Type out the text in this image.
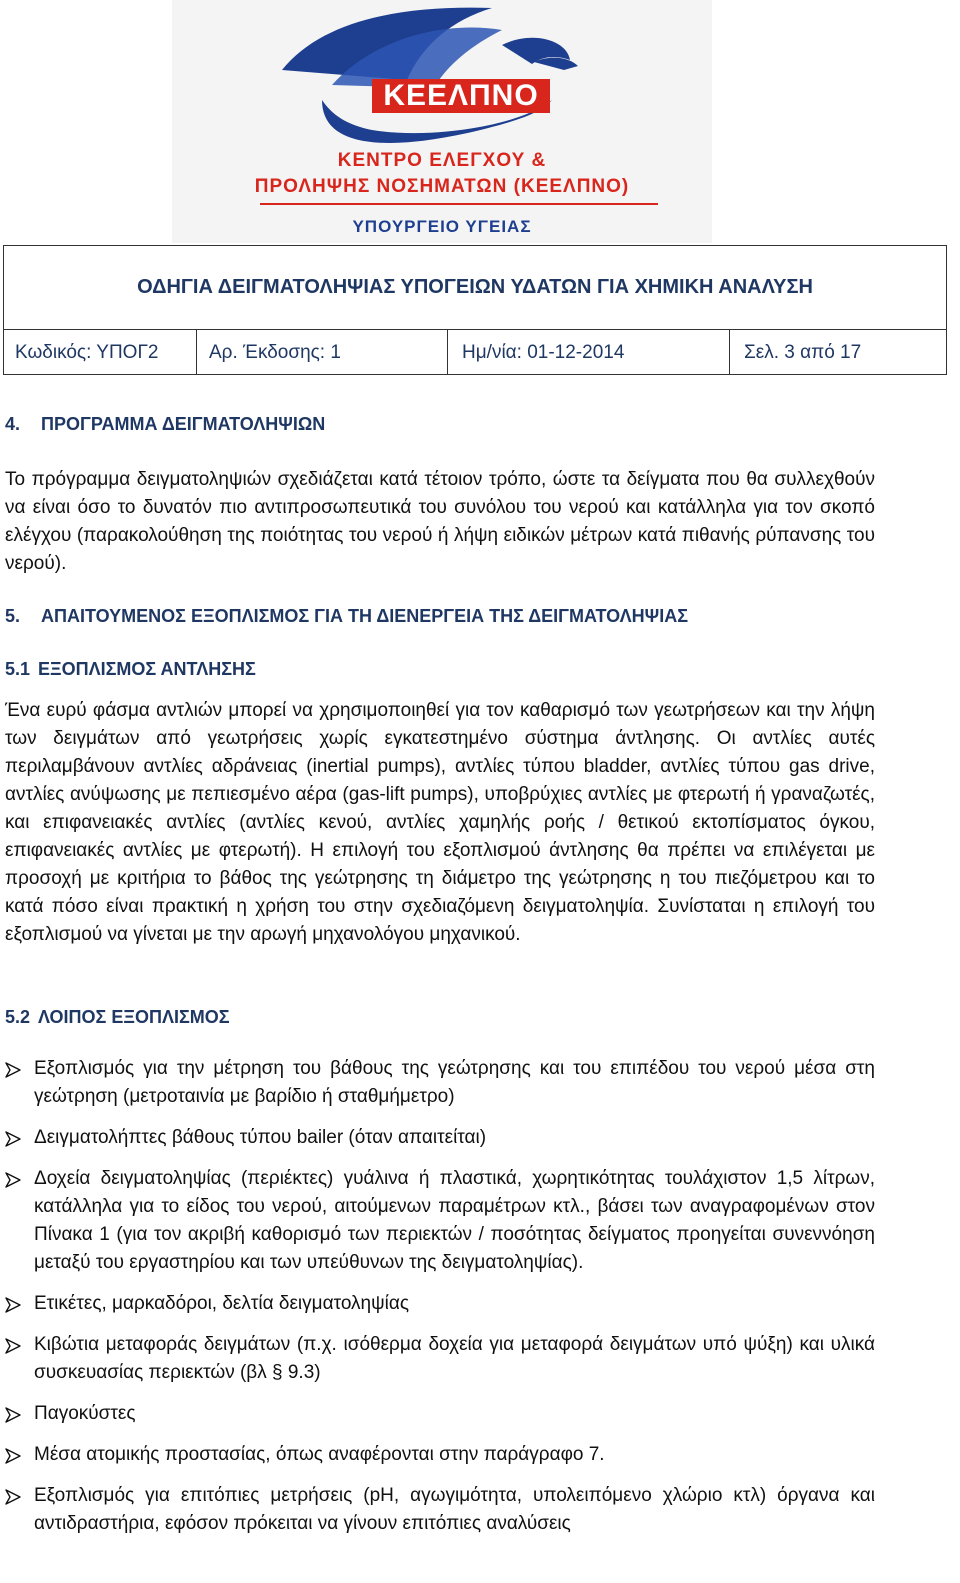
ΚΕΕΛΠΝΟ
ΚΕΝΤΡΟ ΕΛΕΓΧΟΥ &
ΠΡΟΛΗΨΗΣ ΝΟΣΗΜΑΤΩΝ (ΚΕΕΛΠΝΟ)
ΥΠΟΥΡΓΕΙΟ ΥΓΕΙΑΣ
ΟΔΗΓΙΑ ΔΕΙΓΜΑΤΟΛΗΨΙΑΣ ΥΠΟΓΕΙΩΝ ΥΔΑΤΩΝ ΓΙΑ ΧΗΜΙΚΗ ΑΝΑΛΥΣΗ
Κωδικός: ΥΠΟΓ2	Αρ. Έκδοσης: 1	Ημ/νία: 01-12-2014	Σελ. 3 από 17
4. ΠΡΟΓΡΑΜΜΑ ΔΕΙΓΜΑΤΟΛΗΨΙΩΝ
Το πρόγραμμα δειγματοληψιών σχεδιάζεται κατά τέτοιον τρόπο, ώστε τα δείγματα που θα συλλεχθούν να είναι όσο το δυνατόν πιο αντιπροσωπευτικά του συνόλου του νερού και κατάλληλα για τον σκοπό ελέγχου (παρακολούθηση της ποιότητας του νερού ή λήψη ειδικών μέτρων κατά πιθανής ρύπανσης του νερού).
5. ΑΠΑΙΤΟΥΜΕΝΟΣ ΕΞΟΠΛΙΣΜΟΣ ΓΙΑ ΤΗ ΔΙΕΝΕΡΓΕΙΑ ΤΗΣ ΔΕΙΓΜΑΤΟΛΗΨΙΑΣ
5.1 ΕΞΟΠΛΙΣΜΟΣ ΑΝΤΛΗΣΗΣ
Ένα ευρύ φάσμα αντλιών μπορεί να χρησιμοποιηθεί για τον καθαρισμό των γεωτρήσεων και την λήψη των δειγμάτων από γεωτρήσεις χωρίς εγκατεστημένο σύστημα άντλησης. Οι αντλίες αυτές περιλαμβάνουν αντλίες αδράνειας (inertial pumps), αντλίες τύπου bladder, αντλίες τύπου gas drive, αντλίες ανύψωσης με πεπιεσμένο αέρα (gas-lift pumps), υποβρύχιες αντλίες με φτερωτή ή γραναζωτές, και επιφανειακές αντλίες (αντλίες κενού, αντλίες χαμηλής ροής / θετικού εκτοπίσματος όγκου, επιφανειακές αντλίες με φτερωτή). Η επιλογή του εξοπλισμού άντλησης θα πρέπει να επιλέγεται με προσοχή με κριτήρια το βάθος της γεώτρησης τη διάμετρο της γεώτρησης η του πιεζόμετρου και το κατά πόσο είναι πρακτική η χρήση του στην σχεδιαζόμενη δειγματοληψία. Συνίσταται η επιλογή του εξοπλισμού να γίνεται με την αρωγή μηχανολόγου μηχανικού.
5.2 ΛΟΙΠΟΣ ΕΞΟΠΛΙΣΜΟΣ
Εξοπλισμός για την μέτρηση του βάθους της γεώτρησης και του επιπέδου του νερού μέσα στη γεώτρηση (μετροταινία με βαρίδιο ή σταθμήμετρο)
Δειγματολήπτες βάθους τύπου bailer (όταν απαιτείται)
Δοχεία δειγματοληψίας (περιέκτες) γυάλινα ή πλαστικά, χωρητικότητας τουλάχιστον 1,5 λίτρων, κατάλληλα για το είδος του νερού, αιτούμενων παραμέτρων κτλ., βάσει των αναγραφομένων στον Πίνακα 1 (για τον ακριβή καθορισμό των περιεκτών / ποσότητας δείγματος προηγείται συνεννόηση μεταξύ του εργαστηρίου και των υπεύθυνων της δειγματοληψίας).
Ετικέτες, μαρκαδόροι, δελτία δειγματοληψίας
Κιβώτια μεταφοράς δειγμάτων (π.χ. ισόθερμα δοχεία για μεταφορά δειγμάτων υπό ψύξη) και υλικά συσκευασίας περιεκτών (βλ § 9.3)
Παγοκύστες
Μέσα ατομικής προστασίας, όπως αναφέρονται στην παράγραφο 7.
Εξοπλισμός για επιτόπιες μετρήσεις (pH, αγωγιμότητα, υπολειπόμενο χλώριο κτλ) όργανα και αντιδραστήρια, εφόσον πρόκειται να γίνουν επιτόπιες αναλύσεις
